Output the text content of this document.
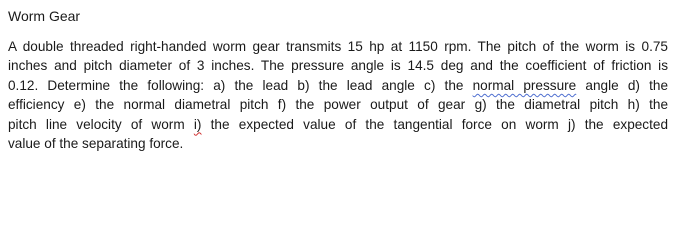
Worm Gear
A double threaded right-handed worm gear transmits 15 hp at 1150 rpm. The pitch of the worm is 0.75
inches and pitch diameter of 3 inches. The pressure angle is 14.5 deg and the coefficient of friction is
0.12. Determine the following: a) the lead b) the lead angle c) the normal pressure angle d) the
efficiency e) the normal diametral pitch f) the power output of gear g) the diametral pitch h) the
pitch line velocity of worm i) the expected value of the tangential force on worm j) the expected
value of the separating force.
